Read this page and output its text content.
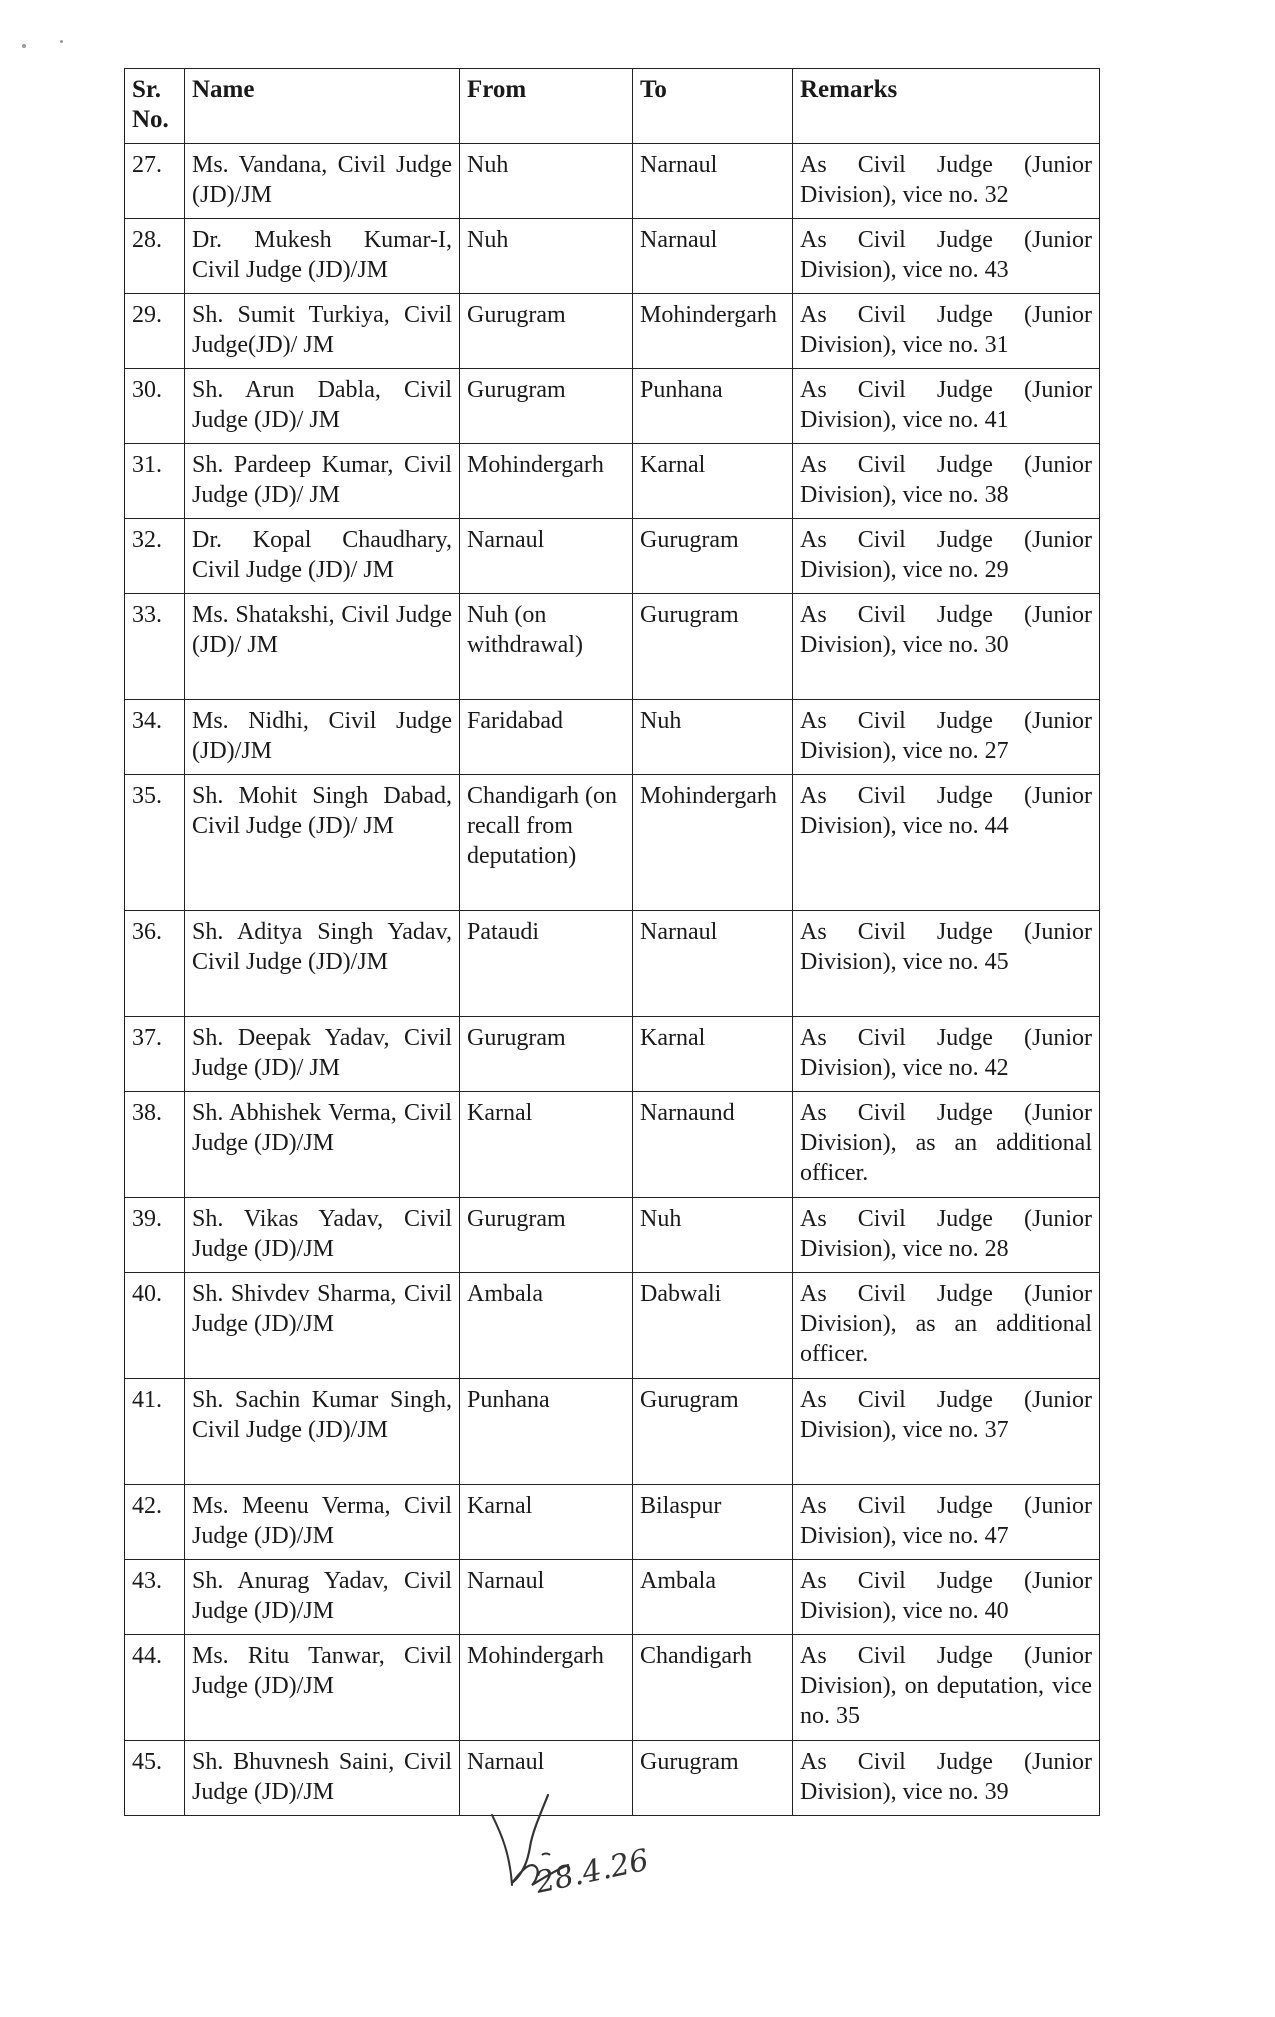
Sr. No.	Name	From	To	Remarks
27.	Ms. Vandana, Civil Judge (JD)/JM	Nuh	Narnaul	As Civil Judge (Junior Division), vice no. 32
28.	Dr. Mukesh Kumar-I, Civil Judge (JD)/JM	Nuh	Narnaul	As Civil Judge (Junior Division), vice no. 43
29.	Sh. Sumit Turkiya, Civil Judge(JD)/ JM	Gurugram	Mohindergarh	As Civil Judge (Junior Division), vice no. 31
30.	Sh. Arun Dabla, Civil Judge (JD)/ JM	Gurugram	Punhana	As Civil Judge (Junior Division), vice no. 41
31.	Sh. Pardeep Kumar, Civil Judge (JD)/ JM	Mohindergarh	Karnal	As Civil Judge (Junior Division), vice no. 38
32.	Dr. Kopal Chaudhary, Civil Judge (JD)/ JM	Narnaul	Gurugram	As Civil Judge (Junior Division), vice no. 29
33.	Ms. Shatakshi, Civil Judge (JD)/ JM	Nuh (on withdrawal)	Gurugram	As Civil Judge (Junior Division), vice no. 30
34.	Ms. Nidhi, Civil Judge (JD)/JM	Faridabad	Nuh	As Civil Judge (Junior Division), vice no. 27
35.	Sh. Mohit Singh Dabad, Civil Judge (JD)/ JM	Chandigarh (on recall from deputation)	Mohindergarh	As Civil Judge (Junior Division), vice no. 44
36.	Sh. Aditya Singh Yadav, Civil Judge (JD)/JM	Pataudi	Narnaul	As Civil Judge (Junior Division), vice no. 45
37.	Sh. Deepak Yadav, Civil Judge (JD)/ JM	Gurugram	Karnal	As Civil Judge (Junior Division), vice no. 42
38.	Sh. Abhishek Verma, Civil Judge (JD)/JM	Karnal	Narnaund	As Civil Judge (Junior Division), as an additional officer.
39.	Sh. Vikas Yadav, Civil Judge (JD)/JM	Gurugram	Nuh	As Civil Judge (Junior Division), vice no. 28
40.	Sh. Shivdev Sharma, Civil Judge (JD)/JM	Ambala	Dabwali	As Civil Judge (Junior Division), as an additional officer.
41.	Sh. Sachin Kumar Singh, Civil Judge (JD)/JM	Punhana	Gurugram	As Civil Judge (Junior Division), vice no. 37
42.	Ms. Meenu Verma, Civil Judge (JD)/JM	Karnal	Bilaspur	As Civil Judge (Junior Division), vice no. 47
43.	Sh. Anurag Yadav, Civil Judge (JD)/JM	Narnaul	Ambala	As Civil Judge (Junior Division), vice no. 40
44.	Ms. Ritu Tanwar, Civil Judge (JD)/JM	Mohindergarh	Chandigarh	As Civil Judge (Junior Division), on deputation, vice no. 35
45.	Sh. Bhuvnesh Saini, Civil Judge (JD)/JM	Narnaul	Gurugram	As Civil Judge (Junior Division), vice no. 39
28.4.26
